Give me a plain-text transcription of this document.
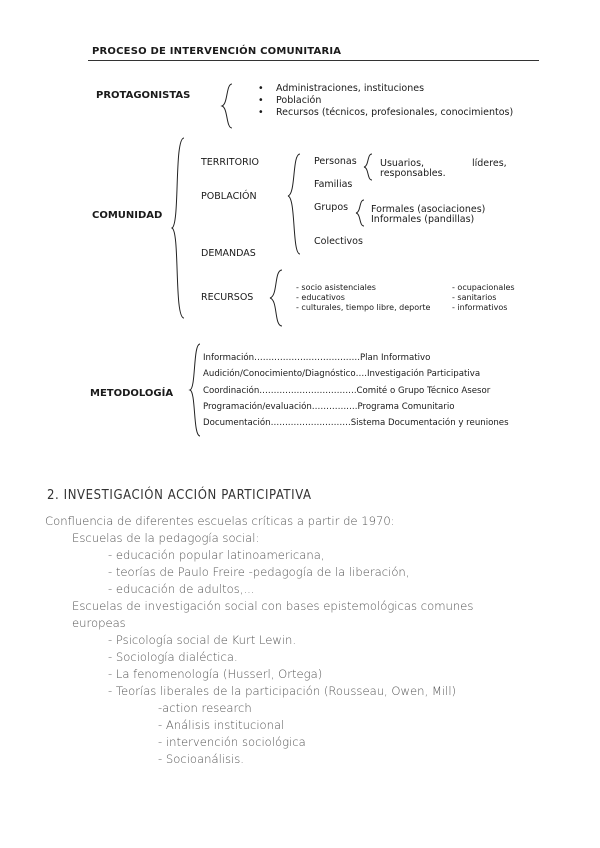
PROCESO DE INTERVENCIÓN COMUNITARIA
PROTAGONISTAS
•
•
•
Administraciones, instituciones
Población
Recursos (técnicos, profesionales, conocimientos)
COMUNIDAD
TERRITORIO
POBLACIÓN
DEMANDAS
RECURSOS
Personas Usuarios,	líderes,
responsables.
Familias
Grupos Formales (asociaciones)
Informales (pandillas)
Colectivos
- socio asistenciales
- educativos
- culturales, tiempo libre, deporte
- ocupacionales
- sanitarios
- informativos
METODOLOGÍA
Información……………………………….Plan Informativo
Audición/Conocimiento/Diagnóstico….Investigación Participativa
Coordinación…………………………….Comité o Grupo Técnico Asesor
Programación/evaluación…………….Programa Comunitario
Documentación……………………….Sistema Documentación y reuniones
2. INVESTIGACIÓN ACCIÓN PARTICIPATIVA
Confluencia de diferentes escuelas críticas a partir de 1970:
Escuelas de la pedagogía social:
- educación popular latinoamericana,
- teorías de Paulo Freire -pedagogía de la liberación,
- educación de adultos,...
Escuelas de investigación social con bases epistemológicas comunes
europeas
- Psicología social de Kurt Lewin.
- Sociología dialéctica.
- La fenomenología (Husserl, Ortega)
- Teorías liberales de la participación (Rousseau, Owen, Mill)
-action research
- Análisis institucional
- intervención sociológica
- Socioanálisis.
